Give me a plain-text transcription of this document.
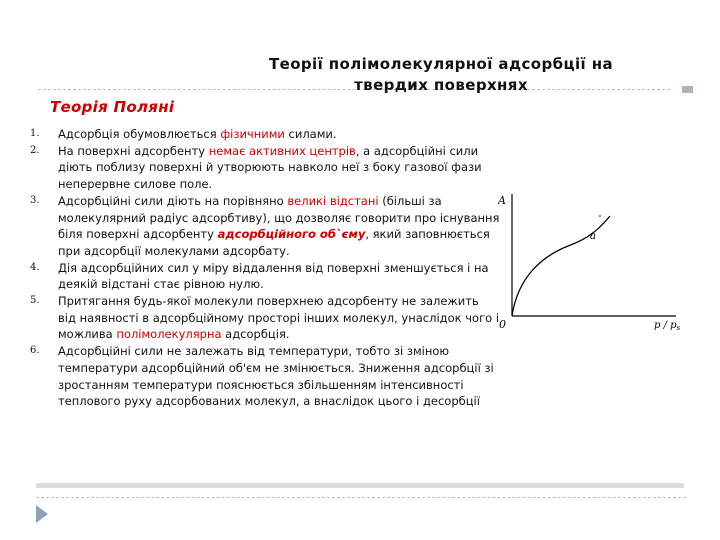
Теорії полімолекулярної адсорбції на
твердих поверхнях
Теорія Поляні
1. Адсорбція обумовлюється фізичними силами.
2. На поверхні адсорбенту немає активних центрів, а адсорбційні сили діють поблизу поверхні й утворюють навколо неї з боку газової фази неперервне силове поле.
3. Адсорбційні сили діють на порівняно великі відстані (більші за молекулярний радіус адсорбтиву), що дозволяє говорити про існування біля поверхні адсорбенту адсорбційного об`єму, який заповнюється при адсорбції молекулами адсорбату.
4. Дія адсорбційних сил у міру віддалення від поверхні зменшується і на деякій відстані стає рівною нулю.
5. Притягання будь-якої молекули поверхнею адсорбенту не залежить від наявності в адсорбційному просторі інших молекул, унаслідок чого і можлива полімолекулярна адсорбція.
6. Адсорбційні сили не залежать від температури, тобто зі зміною температури адсорбційний об'єм не змінюється. Зниження адсорбції зі зростанням температури пояснюється збільшенням інтенсивності теплового руху адсорбованих молекул, а внаслідок цього і десорбції
A
0
a
p / $p_s$
